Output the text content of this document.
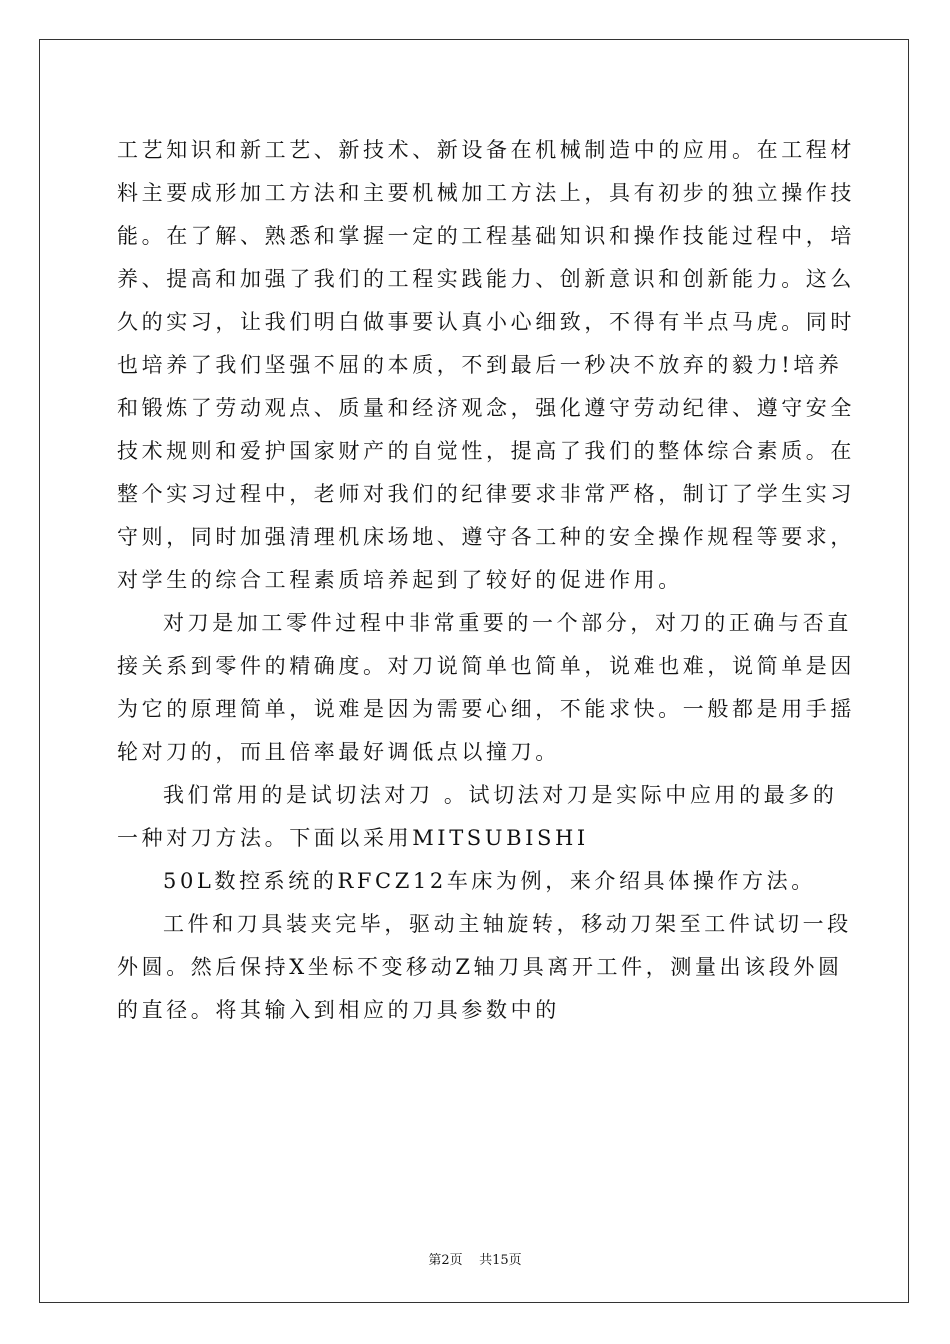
工艺知识和新工艺、新技术、新设备在机械制造中的应用。在工程材
料主要成形加工方法和主要机械加工方法上，具有初步的独立操作技
能。在了解、熟悉和掌握一定的工程基础知识和操作技能过程中，培
养、提高和加强了我们的工程实践能力、创新意识和创新能力。这么
久的实习，让我们明白做事要认真小心细致，不得有半点马虎。同时
也培养了我们坚强不屈的本质，不到最后一秒决不放弃的毅力!培养
和锻炼了劳动观点、质量和经济观念，强化遵守劳动纪律、遵守安全
技术规则和爱护国家财产的自觉性，提高了我们的整体综合素质。在
整个实习过程中，老师对我们的纪律要求非常严格，制订了学生实习
守则，同时加强清理机床场地、遵守各工种的安全操作规程等要求，
对学生的综合工程素质培养起到了较好的促进作用。
对刀是加工零件过程中非常重要的一个部分，对刀的正确与否直
接关系到零件的精确度。对刀说简单也简单，说难也难，说简单是因
为它的原理简单，说难是因为需要心细，不能求快。一般都是用手摇
轮对刀的，而且倍率最好调低点以撞刀。
我们常用的是试切法对刀 。试切法对刀是实际中应用的最多的
一种对刀方法。下面以采用MITSUBISHI
50L数控系统的RFCZ12车床为例，来介绍具体操作方法。
工件和刀具装夹完毕，驱动主轴旋转，移动刀架至工件试切一段
外圆。然后保持X坐标不变移动Z轴刀具离开工件，测量出该段外圆
的直径。将其输入到相应的刀具参数中的
第2页    共15页
